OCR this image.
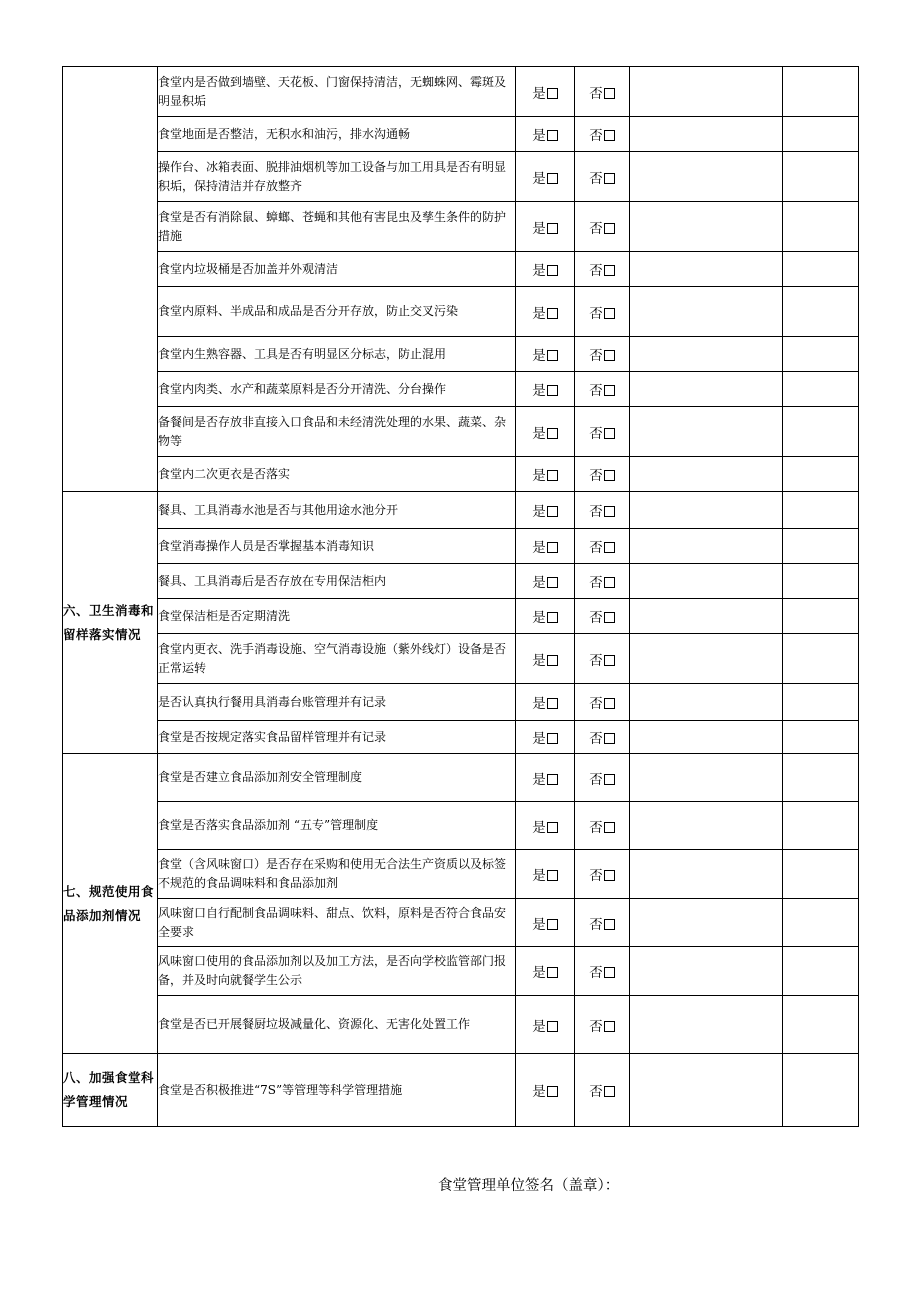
	食堂内是否做到墙壁、天花板、门窗保持清洁，无蜘蛛网、霉斑及明显积垢	是	否		
	食堂地面是否整洁，无积水和油污，排水沟通畅	是	否		
	操作台、冰箱表面、脱排油烟机等加工设备与加工用具是否有明显积垢，保持清洁并存放整齐	是	否		
	食堂是否有消除鼠、蟑螂、苍蝇和其他有害昆虫及孳生条件的防护措施	是	否		
	食堂内垃圾桶是否加盖并外观清洁	是	否		
	食堂内原料、半成品和成品是否分开存放，防止交叉污染	是	否		
	食堂内生熟容器、工具是否有明显区分标志，防止混用	是	否		
	食堂内肉类、水产和蔬菜原料是否分开清洗、分台操作	是	否		
	备餐间是否存放非直接入口食品和未经清洗处理的水果、蔬菜、杂物等	是	否		
	食堂内二次更衣是否落实	是	否		
六、卫生消毒和留样落实情况	餐具、工具消毒水池是否与其他用途水池分开	是	否		
	食堂消毒操作人员是否掌握基本消毒知识	是	否		
	餐具、工具消毒后是否存放在专用保洁柜内	是	否		
	食堂保洁柜是否定期清洗	是	否		
	食堂内更衣、洗手消毒设施、空气消毒设施（紫外线灯）设备是否正常运转	是	否		
	是否认真执行餐用具消毒台账管理并有记录	是	否		
	食堂是否按规定落实食品留样管理并有记录	是	否		
七、规范使用食品添加剂情况	食堂是否建立食品添加剂安全管理制度	是	否		
	食堂是否落实食品添加剂 “五专”管理制度	是	否		
	食堂（含风味窗口）是否存在采购和使用无合法生产资质以及标签不规范的食品调味料和食品添加剂	是	否		
	风味窗口自行配制食品调味料、甜点、饮料，原料是否符合食品安全要求	是	否		
	风味窗口使用的食品添加剂以及加工方法，是否向学校监管部门报备，并及时向就餐学生公示	是	否		
	食堂是否已开展餐厨垃圾减量化、资源化、无害化处置工作	是	否		
八、加强食堂科学管理情况	食堂是否积极推进“7S”等管理等科学管理措施	是	否		
食堂管理单位签名（盖章）：
